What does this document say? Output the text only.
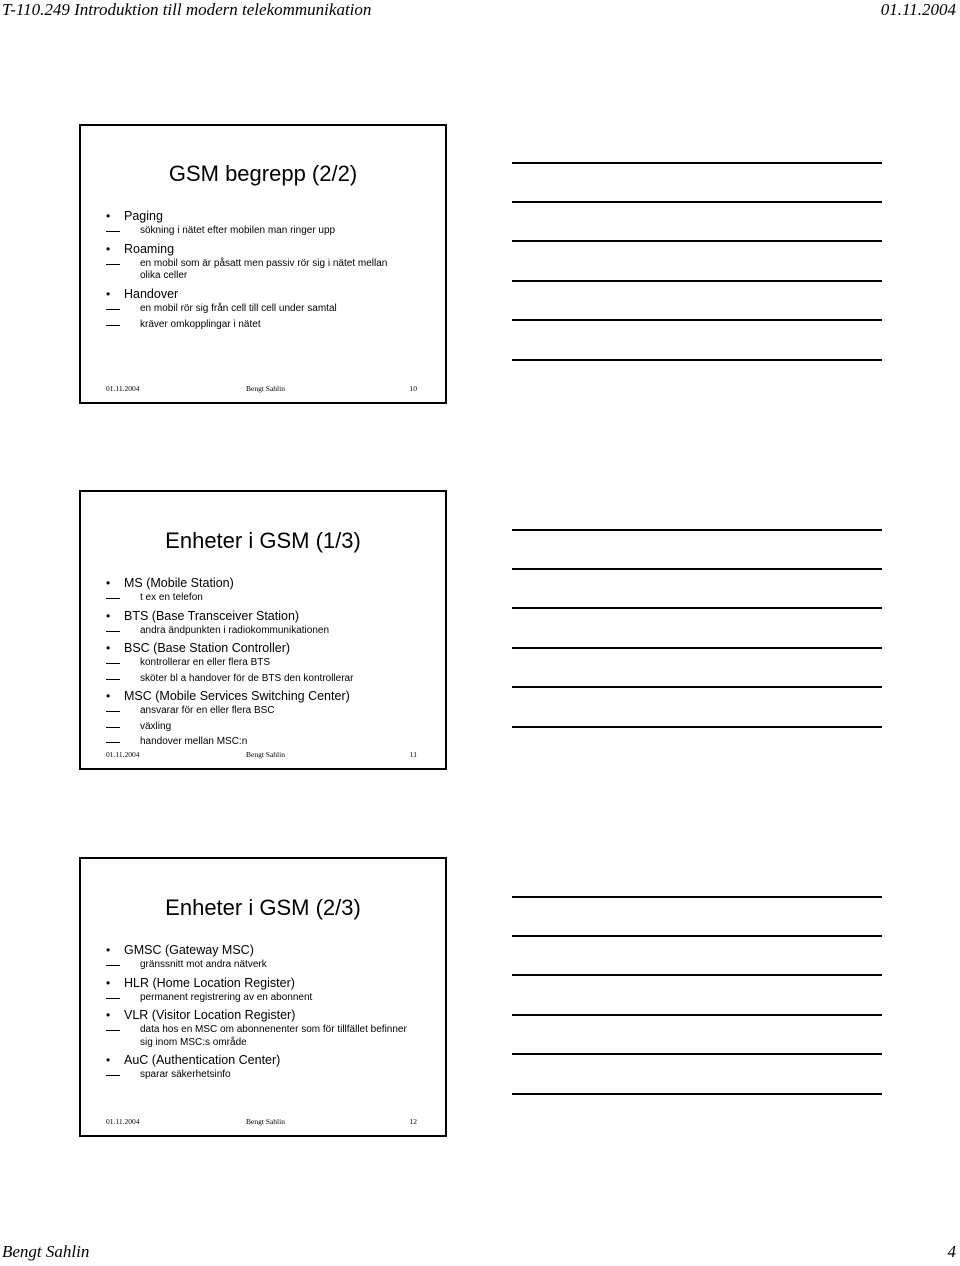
T-110.249 Introduktion till modern telekommunikation	01.11.2004
GSM begrepp (2/2)
• Paging
sökning i nätet efter mobilen man ringer upp
• Roaming
en mobil som är påsatt men passiv rör sig i nätet mellan
olika celler
• Handover
en mobil rör sig från cell till cell under samtal
kräver omkopplingar i nätet
01.11.2004	Bengt Sahlin	10
Enheter i GSM (1/3)
• MS (Mobile Station)
t ex en telefon
• BTS (Base Transceiver Station)
andra ändpunkten i radiokommunikationen
• BSC (Base Station Controller)
kontrollerar en eller flera BTS
sköter bl a handover för de BTS den kontrollerar
• MSC (Mobile Services Switching Center)
ansvarar för en eller flera BSC
växling
handover mellan MSC:n
01.11.2004	Bengt Sahlin	11
Enheter i GSM (2/3)
• GMSC (Gateway MSC)
gränssnitt mot andra nätverk
• HLR (Home Location Register)
permanent registrering av en abonnent
• VLR (Visitor Location Register)
data hos en MSC om abonnenenter som för tillfället befinner
sig inom MSC:s område
• AuC (Authentication Center)
sparar säkerhetsinfo
01.11.2004	Bengt Sahlin	12
Bengt Sahlin	4
